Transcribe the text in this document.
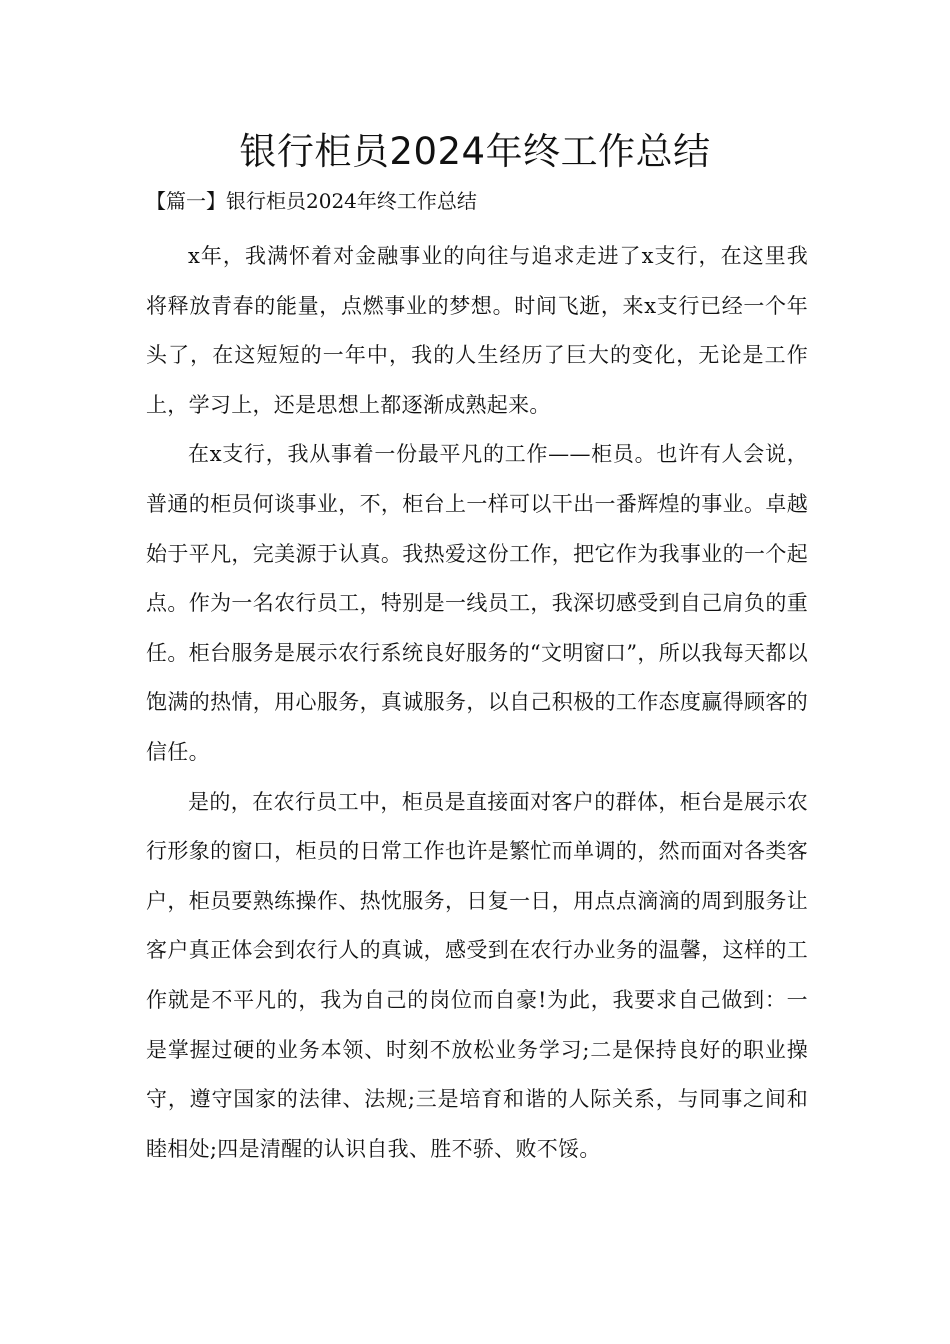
银行柜员2024年终工作总结
【篇一】银行柜员2024年终工作总结

x年，我满怀着对金融事业的向往与追求走进了x支行，在这里我将释放青春的能量，点燃事业的梦想。时间飞逝，来x支行已经一个年头了，在这短短的一年中，我的人生经历了巨大的变化，无论是工作上，学习上，还是思想上都逐渐成熟起来。

在x支行，我从事着一份最平凡的工作——柜员。也许有人会说，普通的柜员何谈事业，不，柜台上一样可以干出一番辉煌的事业。卓越始于平凡，完美源于认真。我热爱这份工作，把它作为我事业的一个起点。作为一名农行员工，特别是一线员工，我深切感受到自己肩负的重任。柜台服务是展示农行系统良好服务的“文明窗口”，所以我每天都以饱满的热情，用心服务，真诚服务，以自己积极的工作态度赢得顾客的信任。

是的，在农行员工中，柜员是直接面对客户的群体，柜台是展示农行形象的窗口，柜员的日常工作也许是繁忙而单调的，然而面对各类客户，柜员要熟练操作、热忱服务，日复一日，用点点滴滴的周到服务让客户真正体会到农行人的真诚，感受到在农行办业务的温馨，这样的工作就是不平凡的，我为自己的岗位而自豪!为此，我要求自己做到：一是掌握过硬的业务本领、时刻不放松业务学习;二是保持良好的职业操守，遵守国家的法律、法规;三是培育和谐的人际关系，与同事之间和睦相处;四是清醒的认识自我、胜不骄、败不馁。
